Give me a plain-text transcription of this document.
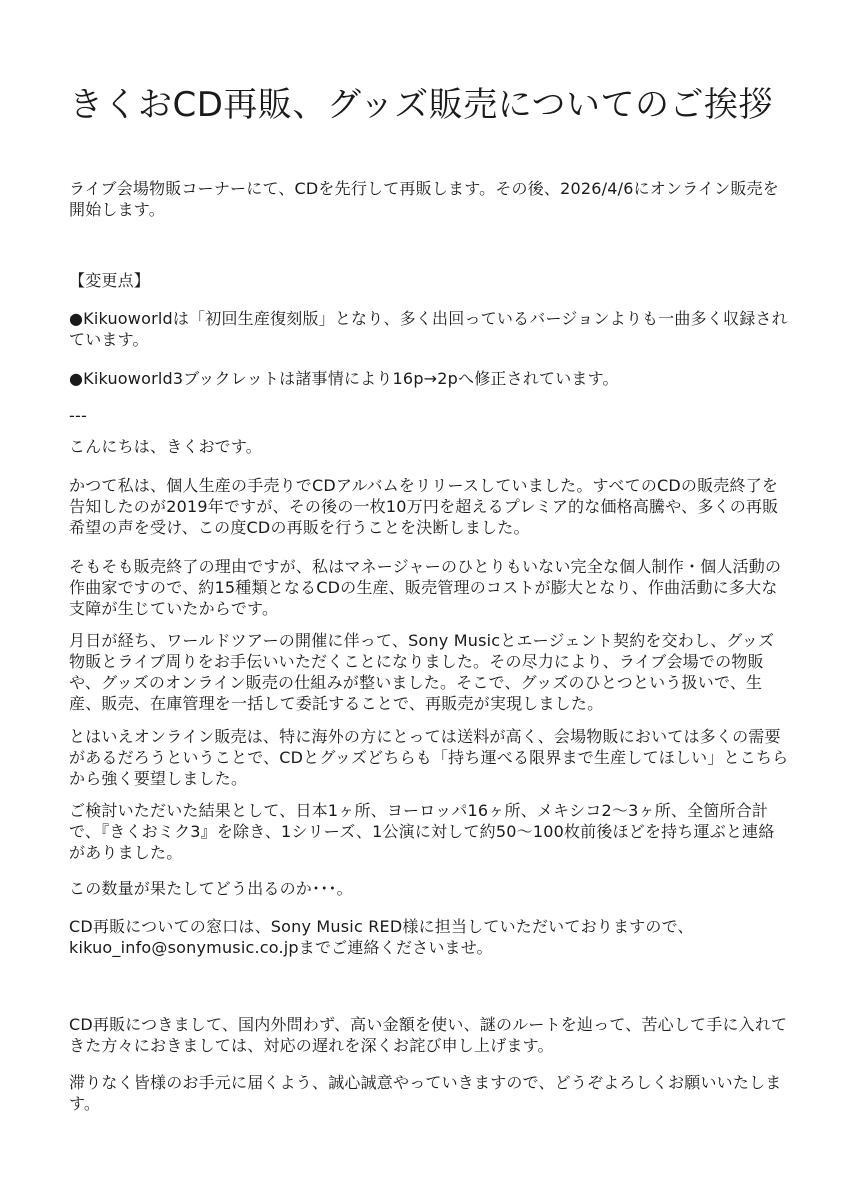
きくおCD再販、グッズ販売についてのご挨拶

ライブ会場物販コーナーにて、CDを先行して再販します。その後、2026/4/6にオンライン販売を開始します。

【変更点】

●Kikuoworldは「初回生産復刻版」となり、多く出回っているバージョンよりも一曲多く収録されています。

●Kikuoworld3ブックレットは諸事情により16p→2pへ修正されています。

---

こんにちは、きくおです。

かつて私は、個人生産の手売りでCDアルバムをリリースしていました。すべてのCDの販売終了を告知したのが2019年ですが、その後の一枚10万円を超えるプレミア的な価格高騰や、多くの再販希望の声を受け、この度CDの再販を行うことを決断しました。

そもそも販売終了の理由ですが、私はマネージャーのひとりもいない完全な個人制作・個人活動の作曲家ですので、約15種類となるCDの生産、販売管理のコストが膨大となり、作曲活動に多大な支障が生じていたからです。

月日が経ち、ワールドツアーの開催に伴って、Sony Musicとエージェント契約を交わし、グッズ物販とライブ周りをお手伝いいただくことになりました。その尽力により、ライブ会場での物販や、グッズのオンライン販売の仕組みが整いました。そこで、グッズのひとつという扱いで、生産、販売、在庫管理を一括して委託することで、再販売が実現しました。

とはいえオンライン販売は、特に海外の方にとっては送料が高く、会場物販においては多くの需要があるだろうということで、CDとグッズどちらも「持ち運べる限界まで生産してほしい」とこちらから強く要望しました。

ご検討いただいた結果として、日本1ヶ所、ヨーロッパ16ヶ所、メキシコ2〜3ヶ所、全箇所合計で、『きくおミク3』を除き、1シリーズ、1公演に対して約50〜100枚前後ほどを持ち運ぶと連絡がありました。

この数量が果たしてどう出るのか･･･。

CD再販についての窓口は、Sony Music RED様に担当していただいておりますので、kikuo_info@sonymusic.co.jpまでご連絡くださいませ。

CD再販につきまして、国内外問わず、高い金額を使い、謎のルートを辿って、苦心して手に入れてきた方々におきましては、対応の遅れを深くお詫び申し上げます。

滞りなく皆様のお手元に届くよう、誠心誠意やっていきますので、どうぞよろしくお願いいたします。
